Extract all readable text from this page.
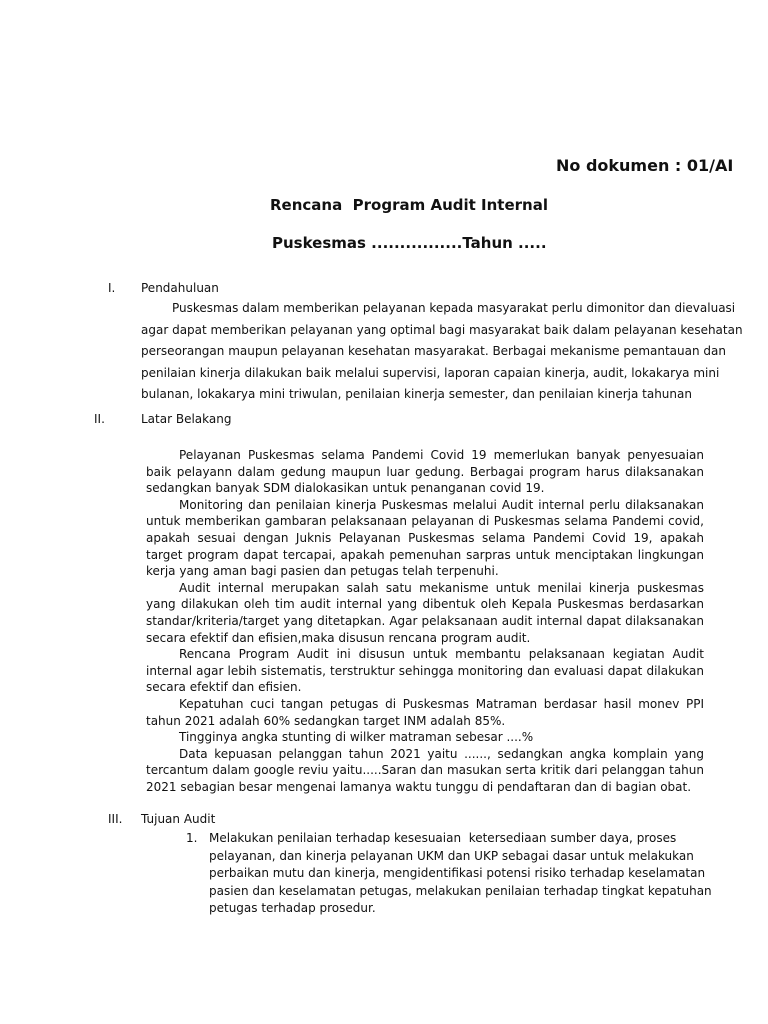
No dokumen : 01/AI
Rencana  Program Audit Internal
Puskesmas ................Tahun .....
I. Pendahuluan
Puskesmas dalam memberikan pelayanan kepada masyarakat perlu dimonitor dan dievaluasi
agar dapat memberikan pelayanan yang optimal bagi masyarakat baik dalam pelayanan kesehatan
perseorangan maupun pelayanan kesehatan masyarakat. Berbagai mekanisme pemantauan dan
penilaian kinerja dilakukan baik melalui supervisi, laporan capaian kinerja, audit, lokakarya mini
bulanan, lokakarya mini triwulan, penilaian kinerja semester, dan penilaian kinerja tahunan
II.	Latar Belakang

Pelayanan Puskesmas selama Pandemi Covid 19 memerlukan banyak penyesuaian baik pelayann dalam gedung maupun luar gedung. Berbagai program harus dilaksanakan sedangkan banyak SDM dialokasikan untuk penanganan covid 19.

Monitoring dan penilaian kinerja Puskesmas melalui Audit internal perlu dilaksanakan untuk memberikan gambaran pelaksanaan pelayanan di Puskesmas selama Pandemi covid, apakah sesuai dengan Juknis Pelayanan Puskesmas selama Pandemi Covid 19, apakah target program dapat tercapai, apakah pemenuhan sarpras untuk menciptakan lingkungan kerja yang aman bagi pasien dan petugas telah terpenuhi.

Audit internal merupakan salah satu mekanisme untuk menilai kinerja puskesmas yang dilakukan oleh tim audit internal yang dibentuk oleh Kepala Puskesmas berdasarkan standar/kriteria/target yang ditetapkan. Agar pelaksanaan audit internal dapat dilaksanakan secara efektif dan efisien,maka disusun rencana program audit.

Rencana Program Audit ini disusun untuk membantu pelaksanaan kegiatan Audit internal agar lebih sistematis, terstruktur sehingga monitoring dan evaluasi dapat dilakukan secara efektif dan efisien.

Kepatuhan cuci tangan petugas di Puskesmas Matraman berdasar hasil monev PPI tahun 2021 adalah 60% sedangkan target INM adalah 85%.

Tingginya angka stunting di wilker matraman sebesar ....%

Data kepuasan pelanggan tahun 2021 yaitu ......, sedangkan angka komplain yang tercantum dalam google reviu yaitu.....Saran dan masukan serta kritik dari pelanggan tahun 2021 sebagian besar mengenai lamanya waktu tunggu di pendaftaran dan di bagian obat.

III. Tujuan Audit
1. Melakukan penilaian terhadap kesesuaian  ketersediaan sumber daya, proses
pelayanan, dan kinerja pelayanan UKM dan UKP sebagai dasar untuk melakukan
perbaikan mutu dan kinerja, mengidentifikasi potensi risiko terhadap keselamatan
pasien dan keselamatan petugas, melakukan penilaian terhadap tingkat kepatuhan
petugas terhadap prosedur.
